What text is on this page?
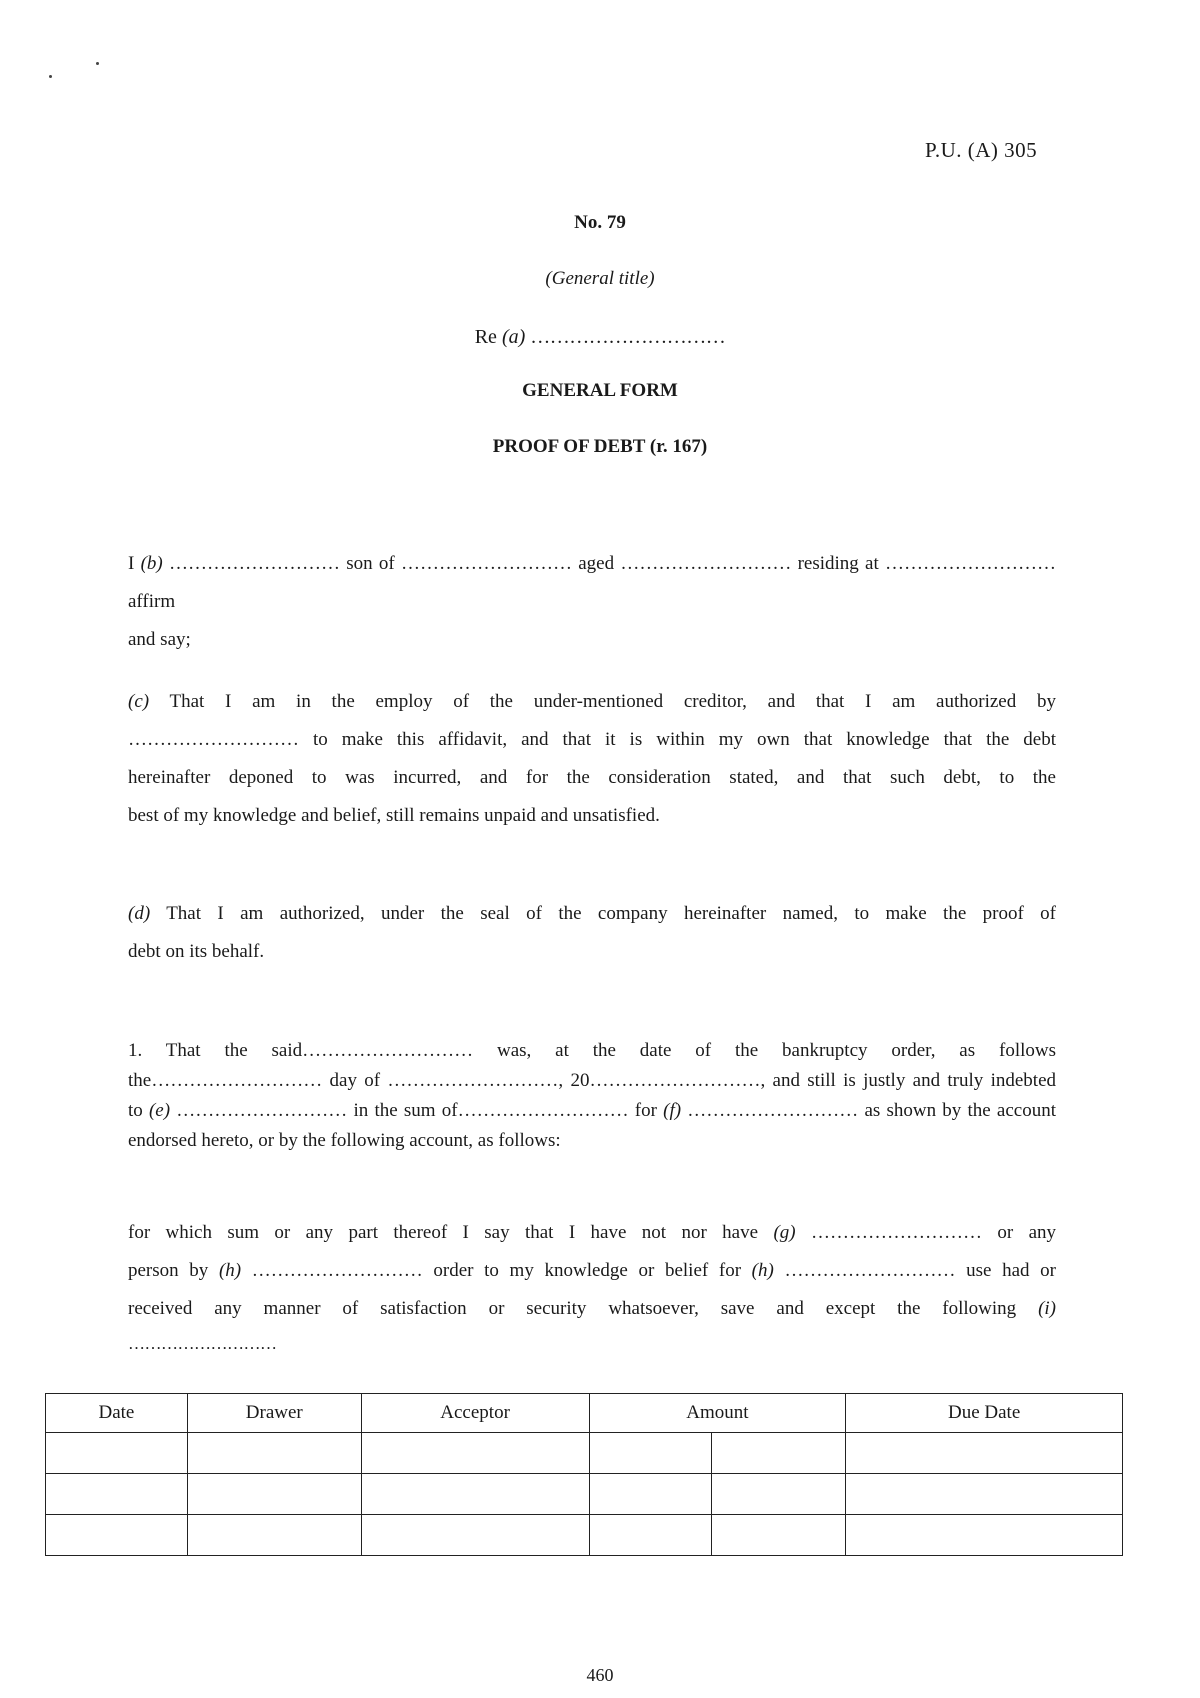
P.U. (A) 305
No. 79
(General title)
Re (a) …………………………
GENERAL FORM
PROOF OF DEBT (r. 167)
I (b) ……………………… son of ……………………… aged ……………………… residing at ……………………… affirm
and say;
(c) That I am in the employ of the under-mentioned creditor, and that I am authorized by
……………………… to make this affidavit, and that it is within my own that knowledge that the debt
hereinafter deponed to was incurred, and for the consideration stated, and that such debt, to the
best of my knowledge and belief, still remains unpaid and unsatisfied.
(d) That I am authorized, under the seal of the company hereinafter named, to make the proof of
debt on its behalf.
1. That the said……………………… was, at the date of the bankruptcy order, as follows
the……………………… day of ………………………, 20………………………, and still is justly and truly indebted
to (e) ……………………… in the sum of……………………… for (f) ……………………… as shown by the account
endorsed hereto, or by the following account, as follows:
for which sum or any part thereof I say that I have not nor have (g) ……………………… or any
person by (h) ……………………… order to my knowledge or belief for (h) ……………………… use had or
received any manner of satisfaction or security whatsoever, save and except the following (i)
………………………
Date	Drawer	Acceptor	Amount		Due Date

460
